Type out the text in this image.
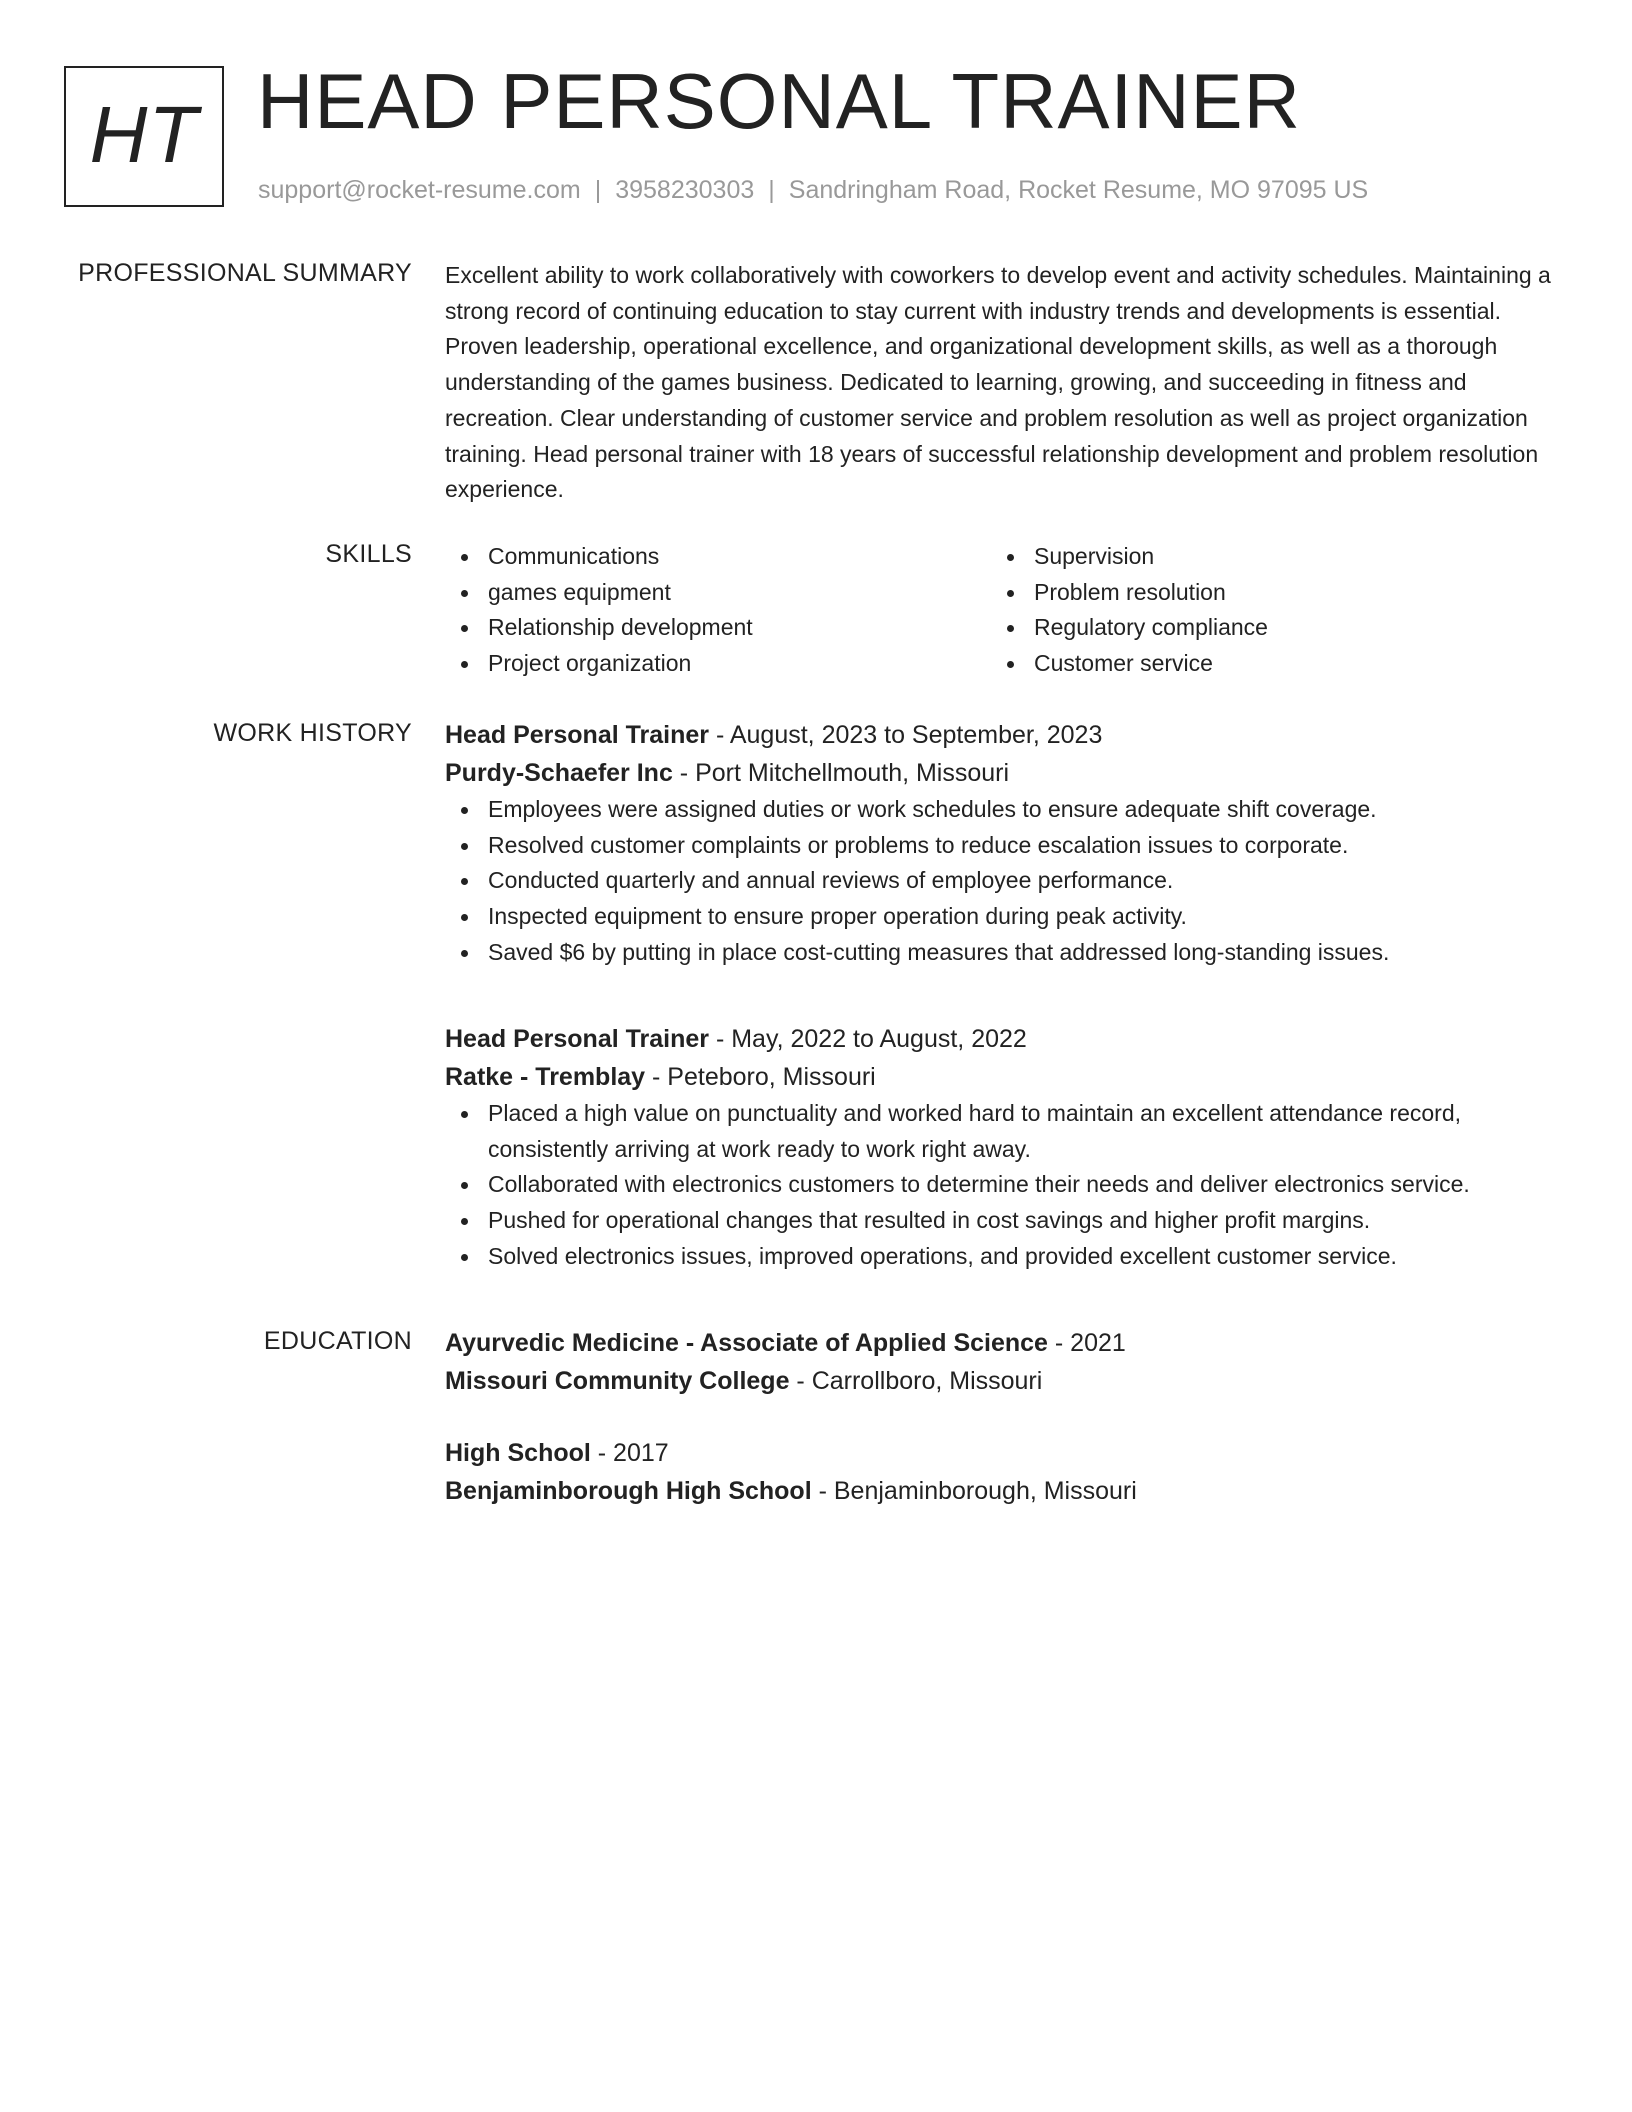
HT HEAD PERSONAL TRAINER
support@rocket-resume.com | 3958230303 | Sandringham Road, Rocket Resume, MO 97095 US
PROFESSIONAL SUMMARY Excellent ability to work collaboratively with coworkers to develop event and activity schedules. Maintaining a strong record of continuing education to stay current with industry trends and developments is essential. Proven leadership, operational excellence, and organizational development skills, as well as a thorough understanding of the games business. Dedicated to learning, growing, and succeeding in fitness and recreation. Clear understanding of customer service and problem resolution as well as project organization training. Head personal trainer with 18 years of successful relationship development and problem resolution experience.
SKILLS	Communications
games equipment
Relationship development
Project organization
Supervision
Problem resolution
Regulatory compliance
Customer service
WORK HISTORY Head Personal Trainer - August, 2023 to September, 2023
Purdy-Schaefer Inc - Port Mitchellmouth, Missouri
Employees were assigned duties or work schedules to ensure adequate shift coverage.
Resolved customer complaints or problems to reduce escalation issues to corporate.
Conducted quarterly and annual reviews of employee performance.
Inspected equipment to ensure proper operation during peak activity.
Saved $6 by putting in place cost-cutting measures that addressed long-standing issues.
Head Personal Trainer - May, 2022 to August, 2022
Ratke - Tremblay - Peteboro, Missouri
Placed a high value on punctuality and worked hard to maintain an excellent attendance record, consistently arriving at work ready to work right away.
Collaborated with electronics customers to determine their needs and deliver electronics service.
Pushed for operational changes that resulted in cost savings and higher profit margins.
Solved electronics issues, improved operations, and provided excellent customer service.
EDUCATION Ayurvedic Medicine - Associate of Applied Science - 2021
Missouri Community College - Carrollboro, Missouri
High School - 2017
Benjaminborough High School - Benjaminborough, Missouri
